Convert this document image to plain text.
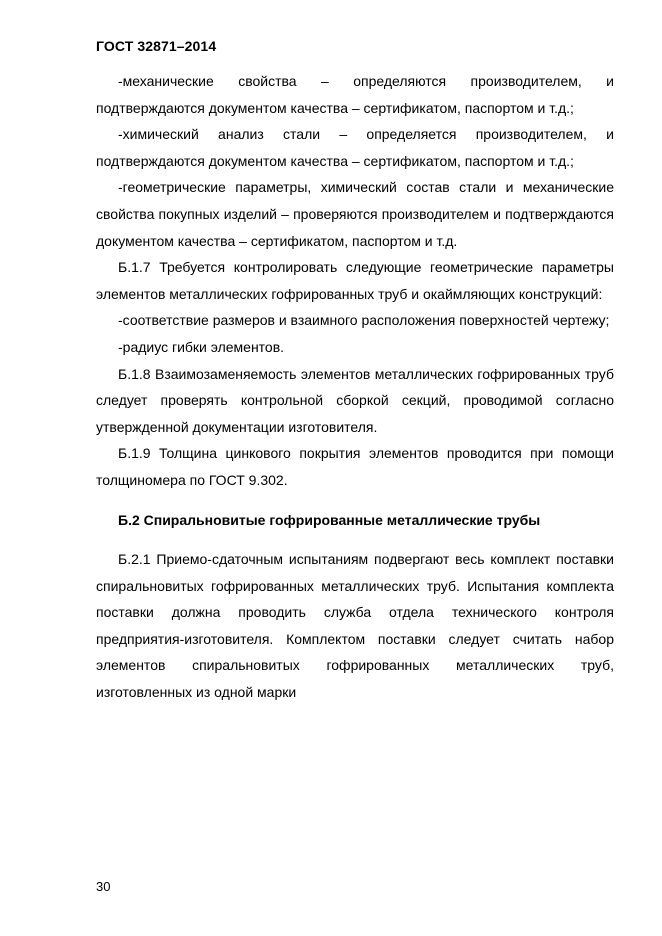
ГОСТ 32871–2014

-механические свойства – определяются производителем, и подтверждаются документом качества – сертификатом, паспортом и т.д.;

-химический анализ стали – определяется производителем, и подтверждаются документом качества – сертификатом, паспортом и т.д.;

-геометрические параметры, химический состав стали и механические свойства покупных изделий – проверяются производителем и подтверждаются документом качества – сертификатом, паспортом и т.д.

Б.1.7 Требуется контролировать следующие геометрические параметры элементов металлических гофрированных труб и окаймляющих конструкций:

-соответствие размеров и взаимного расположения поверхностей чертежу;

-радиус гибки элементов.

Б.1.8 Взаимозаменяемость элементов металлических гофрированных труб следует проверять контрольной сборкой секций, проводимой согласно утвержденной документации изготовителя.

Б.1.9 Толщина цинкового покрытия элементов проводится при помощи толщиномера по ГОСТ 9.302.

Б.2 Спиральновитые гофрированные металлические трубы

Б.2.1 Приемо-сдаточным испытаниям подвергают весь комплект поставки спиральновитых гофрированных металлических труб. Испытания комплекта поставки должна проводить служба отдела технического контроля предприятия-изготовителя. Комплектом поставки следует считать набор элементов спиральновитых гофрированных металлических труб, изготовленных из одной марки

30
